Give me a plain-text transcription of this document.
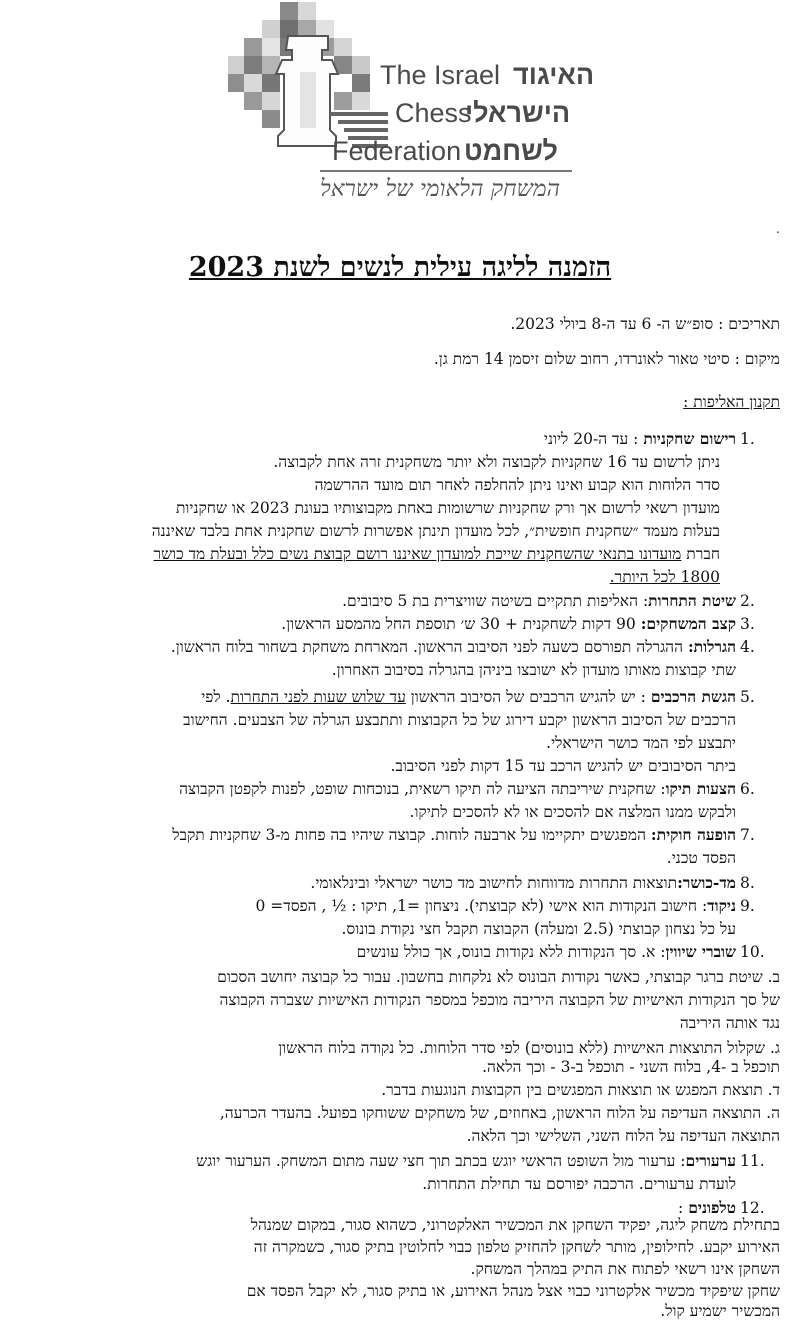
The Israel האיגוד
Chess
הישראלי
Federation לשחמט
המשחק הלאומי של ישראל
.
הזמנה לליגה עילית לנשים לשנת 2023
תאריכים : סופ״ש ה- 6 עד ה-8 ביולי 2023.
מיקום : סיטי טאור לאונרדו, רחוב שלום זיסמן 14 רמת גן.
תקנון האליפות :
1.
רישום שחקניות : עד ה-20 ליוני
ניתן לרשום עד 16 שחקניות לקבוצה ולא יותר משחקנית זרה אחת לקבוצה.
סדר הלוחות הוא קבוע ואינו ניתן להחלפה לאחר תום מועד ההרשמה
מועדון רשאי לרשום אך ורק שחקניות שרשומות באחת מקבוצותיו בעונת 2023 או שחקניות
בעלות מעמד ״שחקנית חופשית״, לכל מועדון תינתן אפשרות לרשום שחקנית אחת בלבד שאיננה
חברת מועדונו בתנאי שהשחקנית שייכת למועדון שאיננו רושם קבוצת נשים כלל ובעלת מד כושר
1800 לכל היותר.
2.
שיטת התחרות: האליפות תתקיים בשיטה שוויצרית בת 5 סיבובים.
3.
קצב המשחקים: 90 דקות לשחקנית + 30 ש׳ תוספת החל מהמסע הראשון.
4.
הגרלות: ההגרלה תפורסם כשעה לפני הסיבוב הראשון. המארחת משחקת בשחור בלוח הראשון.
שתי קבוצות מאותו מועדון לא ישובצו ביניהן בהגרלה בסיבוב האחרון.
5.
הגשת הרכבים : יש להגיש הרכבים של הסיבוב הראשון עד שלוש שעות לפני התחרות. לפי
הרכבים של הסיבוב הראשון יקבע דירוג של כל הקבוצות ותתבצע הגרלה של הצבעים. החישוב
יתבצע לפי המד כושר הישראלי.
ביתר הסיבובים יש להגיש הרכב עד 15 דקות לפני הסיבוב.
6.
הצעות תיקו: שחקנית שיריבתה הציעה לה תיקו רשאית, בנוכחות שופט, לפנות לקפטן הקבוצה
ולבקש ממנו המלצה אם להסכים או לא להסכים לתיקו.
7.
הופעה חוקית: המפגשים יתקיימו על ארבעה לוחות. קבוצה שיהיו בה פחות מ-3 שחקניות תקבל
הפסד טכני.
8.
מד-כושר:תוצאות התחרות מדווחות לחישוב מד כושר ישראלי ובינלאומי.
9.
ניקוד: חישוב הנקודות הוא אישי (לא קבוצתי). ניצחון =1, תיקו : ½ , הפסד= 0
על כל נצחון קבוצתי (2.5 ומעלה) הקבוצה תקבל חצי נקודת בונוס.
10.
שוברי שיווין: א. סך הנקודות ללא נקודות בונוס, אך כולל עונשים
ב. שיטת ברגר קבוצתי, כאשר נקודות הבונוס לא נלקחות בחשבון. עבור כל קבוצה יחושב הסכום
של סך הנקודות האישיות של הקבוצה היריבה מוכפל במספר הנקודות האישיות שצברה הקבוצה
נגד אותה היריבה
ג. שקלול התוצאות האישיות (ללא בונוסים) לפי סדר הלוחות. כל נקודה בלוח הראשון
תוכפל ב -4, בלוח השני - תוכפל ב-3 - וכך הלאה.
ד. תוצאת המפגש או תוצאות המפגשים בין הקבוצות הנוגעות בדבר.
ה. התוצאה העדיפה על הלוח הראשון, באחוזים, של משחקים ששוחקו בפועל. בהעדר הכרעה,
התוצאה העדיפה על הלוח השני, השלישי וכך הלאה.
11.
ערעורים: ערעור מול השופט הראשי יוגש בכתב תוך חצי שעה מתום המשחק. הערעור יוגש
לועדת ערעורים. הרכבה יפורסם עד תחילת התחרות.
12.
טלפונים :
בתחילת משחק ליגה, יפקיד השחקן את המכשיר האלקטרוני, כשהוא סגור, במקום שמנהל
האירוע יקבע. לחילופין, מותר לשחקן להחזיק טלפון כבוי לחלוטין בתיק סגור, כשמקרה זה
השחקן אינו רשאי לפתוח את התיק במהלך המשחק.
שחקן שיפקיד מכשיר אלקטרוני כבוי אצל מנהל האירוע, או בתיק סגור, לא יקבל הפסד אם
המכשיר ישמיע קול.
